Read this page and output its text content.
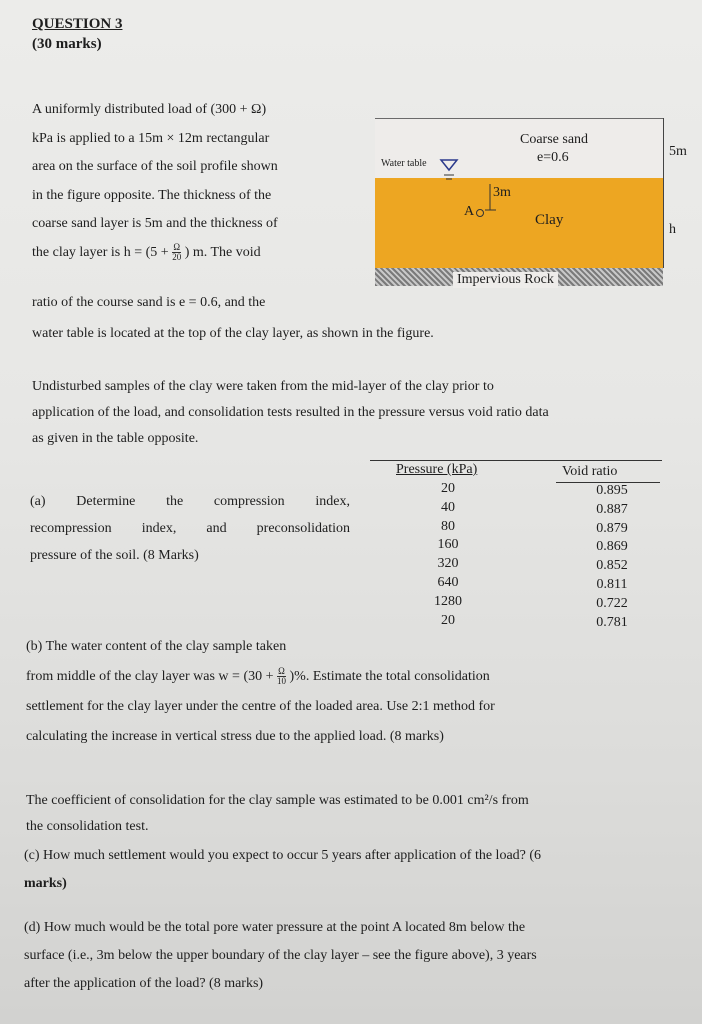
QUESTION 3
(30 marks)
A uniformly distributed load of (300 + Ω)
kPa is applied to a 15m × 12m rectangular
area on the surface of the soil profile shown
in the figure opposite. The thickness of the
coarse sand layer is 5m and the thickness of
the clay layer is $h = (5 + \frac{\Omega}{20}$ ) m. The void
ratio of the course sand is e = 0.6, and the
water table is located at the top of the clay layer, as shown in the figure.
Coarse sand
e=0.6
Water table
3m
A
Clay
Impervious Rock
5m
h
Undisturbed samples of the clay were taken from the mid-layer of the clay prior to
application of the load, and consolidation tests resulted in the pressure versus void ratio data
as given in the table opposite.
Pressure (kPa)	Void ratio
20
40
80
160
320
640
1280
20
0.895
0.887
0.879
0.869
0.852
0.811
0.722
0.781
(a) Determine the compression index,
recompression index, and preconsolidation
pressure of the soil. (8 Marks)
(b) The water content of the clay sample taken
from middle of the clay layer was $w = (30 + \frac{\Omega}{10}$ )%. Estimate the total consolidation
settlement for the clay layer under the centre of the loaded area. Use 2:1 method for
calculating the increase in vertical stress due to the applied load. (8 marks)
The coefficient of consolidation for the clay sample was estimated to be 0.001 cm²/s from
the consolidation test.
(c) How much settlement would you expect to occur 5 years after application of the load? (6
marks)
(d) How much would be the total pore water pressure at the point A located 8m below the
surface (i.e., 3m below the upper boundary of the clay layer – see the figure above), 3 years
after the application of the load? (8 marks)
